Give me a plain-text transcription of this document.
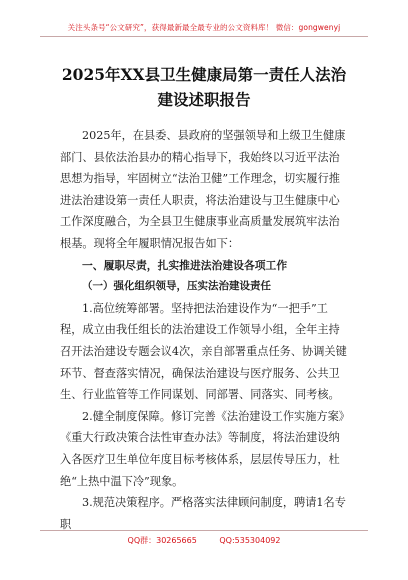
关注头条号“公文研究”，获得最新最全最专业的公文资料库！ 微信：gongwenyj
2025年XX县卫生健康局第一责任人法治
建设述职报告

2025年，在县委、县政府的坚强领导和上级卫生健康部门、县依法治县办的精心指导下，我始终以习近平法治思想为指导，牢固树立“法治卫健”工作理念，切实履行推进法治建设第一责任人职责，将法治建设与卫生健康中心工作深度融合，为全县卫生健康事业高质量发展筑牢法治根基。现将全年履职情况报告如下：

一、履职尽责，扎实推进法治建设各项工作

（一）强化组织领导，压实法治建设责任

1.高位统筹部署。坚持把法治建设作为“一把手”工程，成立由我任组长的法治建设工作领导小组，全年主持召开法治建设专题会议4次，亲自部署重点任务、协调关键环节、督查落实情况，确保法治建设与医疗服务、公共卫生、行业监管等工作同谋划、同部署、同落实、同考核。

2.健全制度保障。修订完善《法治建设工作实施方案》《重大行政决策合法性审查办法》等制度，将法治建设纳入各医疗卫生单位年度目标考核体系，层层传导压力，杜绝“上热中温下冷”现象。

3.规范决策程序。严格落实法律顾问制度，聘请1名专职

QQ群：30265665	QQ:535304092
